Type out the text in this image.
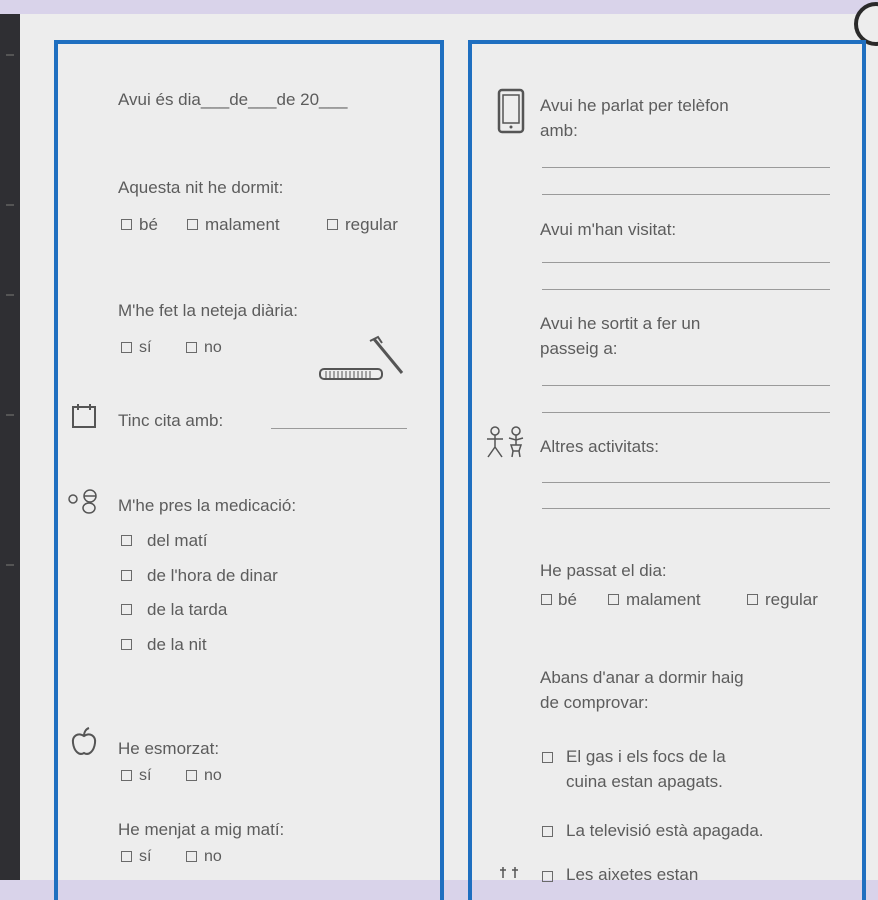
Avui és dia___de___de 20___
Aquesta nit he dormit:
bé	malament	regular
M'he fet la neteja diària:
sí	no
Tinc cita amb:
M'he pres la medicació:
del matí
de l'hora de dinar
de la tarda
de la nit
He esmorzat:
sí	no
He menjat a mig matí:
sí	no
Avui he parlat per telèfon
amb:
Avui m'han visitat:
Avui he sortit a fer un
passeig a:
Altres activitats:
He passat el dia:
bé	malament	regular
Abans d'anar a dormir haig
de comprovar:
El gas i els focs de la
cuina estan apagats.
La televisió està apagada.
Les aixetes estan
